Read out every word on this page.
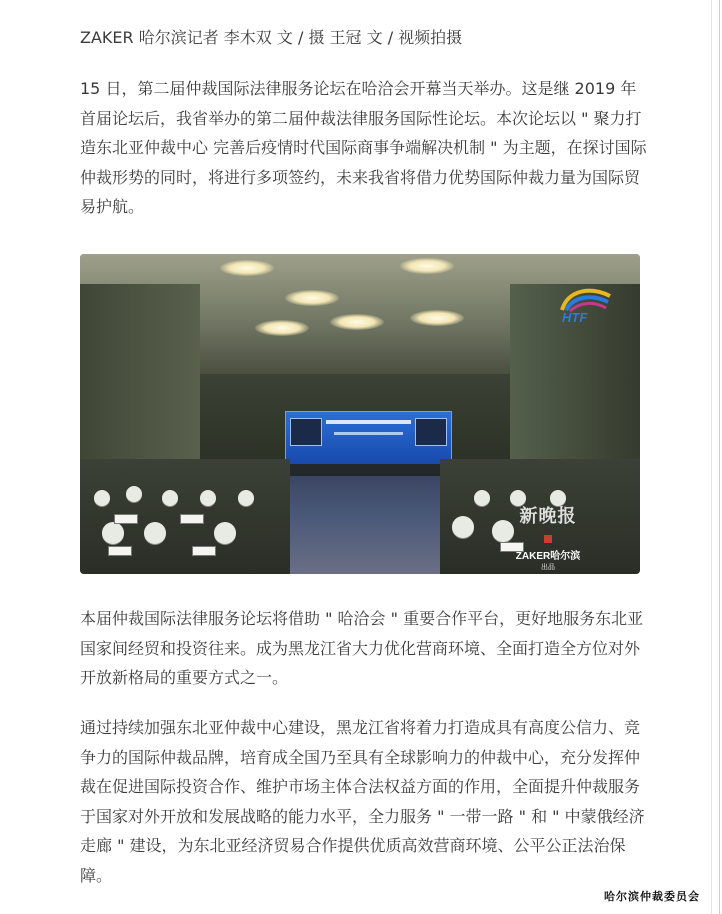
ZAKER 哈尔滨记者 李木双 文 / 摄 王冠 文 / 视频拍摄

15 日，第二届仲裁国际法律服务论坛在哈洽会开幕当天举办。这是继 2019 年首届论坛后，我省举办的第二届仲裁法律服务国际性论坛。本次论坛以 " 聚力打造东北亚仲裁中心 完善后疫情时代国际商事争端解决机制 " 为主题，在探讨国际仲裁形势的同时，将进行多项签约，未来我省将借力优势国际仲裁力量为国际贸易护航。

HTF
新晚报
ZAKER哈尔滨
出品

本届仲裁国际法律服务论坛将借助 " 哈洽会 " 重要合作平台，更好地服务东北亚国家间经贸和投资往来。成为黑龙江省大力优化营商环境、全面打造全方位对外开放新格局的重要方式之一。

通过持续加强东北亚仲裁中心建设，黑龙江省将着力打造成具有高度公信力、竞争力的国际仲裁品牌，培育成全国乃至具有全球影响力的仲裁中心，充分发挥仲裁在促进国际投资合作、维护市场主体合法权益方面的作用，全面提升仲裁服务于国家对外开放和发展战略的能力水平，全力服务 " 一带一路 " 和 " 中蒙俄经济走廊 " 建设，为东北亚经济贸易合作提供优质高效营商环境、公平公正法治保障。

哈尔滨仲裁委员会
